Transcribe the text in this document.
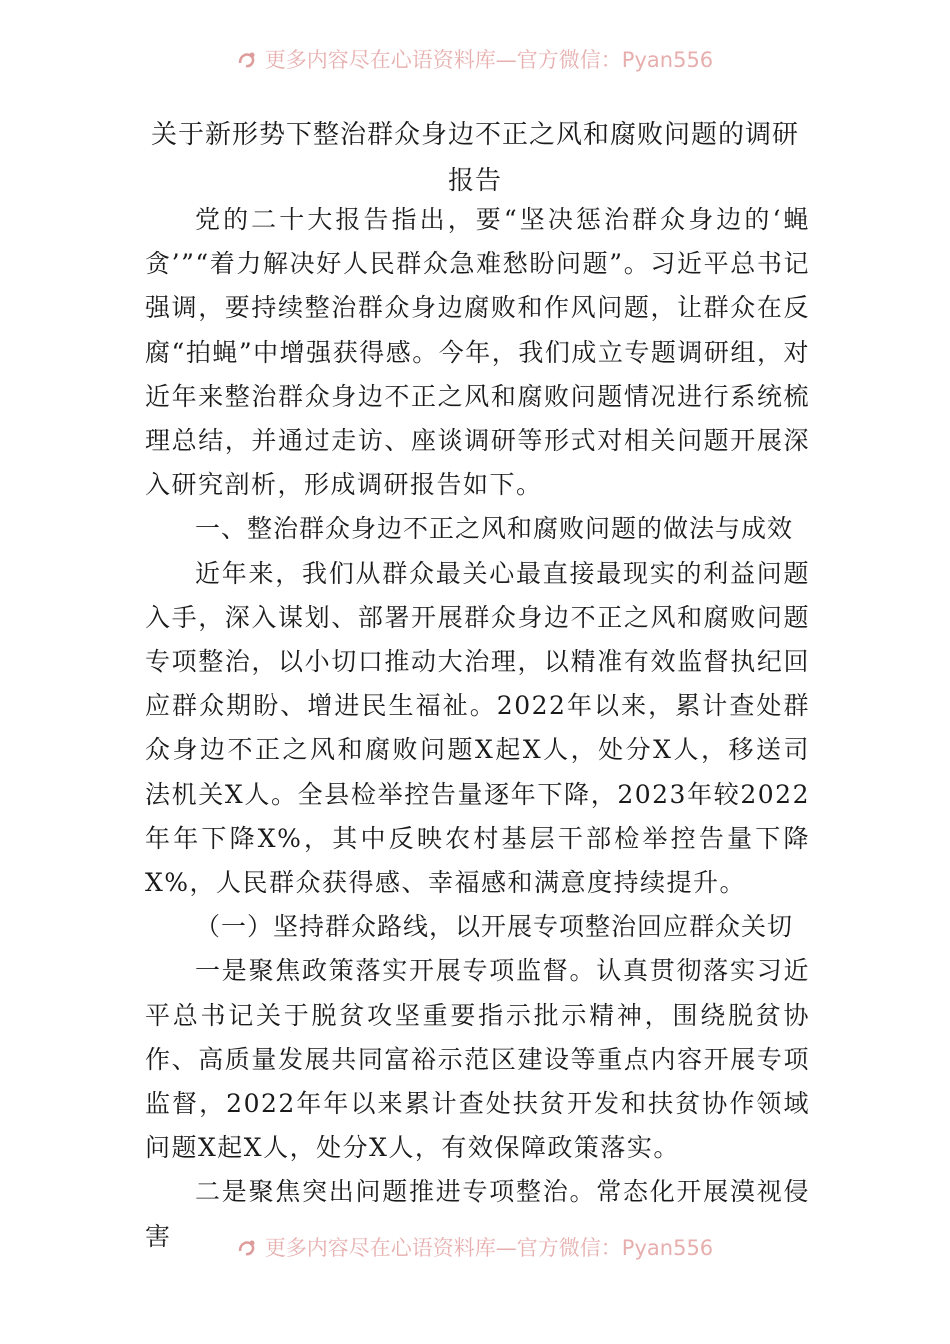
更多内容尽在心语资料库—官方微信：Pyan556
关于新形势下整治群众身边不正之风和腐败问题的调研报告

党的二十大报告指出，要“坚决惩治群众身边的‘蝇贪’”“着力解决好人民群众急难愁盼问题”。习近平总书记强调，要持续整治群众身边腐败和作风问题，让群众在反腐“拍蝇”中增强获得感。今年，我们成立专题调研组，对近年来整治群众身边不正之风和腐败问题情况进行系统梳理总结，并通过走访、座谈调研等形式对相关问题开展深入研究剖析，形成调研报告如下。

一、整治群众身边不正之风和腐败问题的做法与成效

近年来，我们从群众最关心最直接最现实的利益问题入手，深入谋划、部署开展群众身边不正之风和腐败问题专项整治，以小切口推动大治理，以精准有效监督执纪回应群众期盼、增进民生福祉。2022年以来，累计查处群众身边不正之风和腐败问题X起X人，处分X人，移送司法机关X人。全县检举控告量逐年下降，2023年较2022年年下降X%，其中反映农村基层干部检举控告量下降X%，人民群众获得感、幸福感和满意度持续提升。

（一）坚持群众路线，以开展专项整治回应群众关切

一是聚焦政策落实开展专项监督。认真贯彻落实习近平总书记关于脱贫攻坚重要指示批示精神，围绕脱贫协作、高质量发展共同富裕示范区建设等重点内容开展专项监督，2022年年以来累计查处扶贫开发和扶贫协作领域问题X起X人，处分X人，有效保障政策落实。

二是聚焦突出问题推进专项整治。常态化开展漠视侵害	更多内容尽在心语资料库—官方微信：Pyan556
